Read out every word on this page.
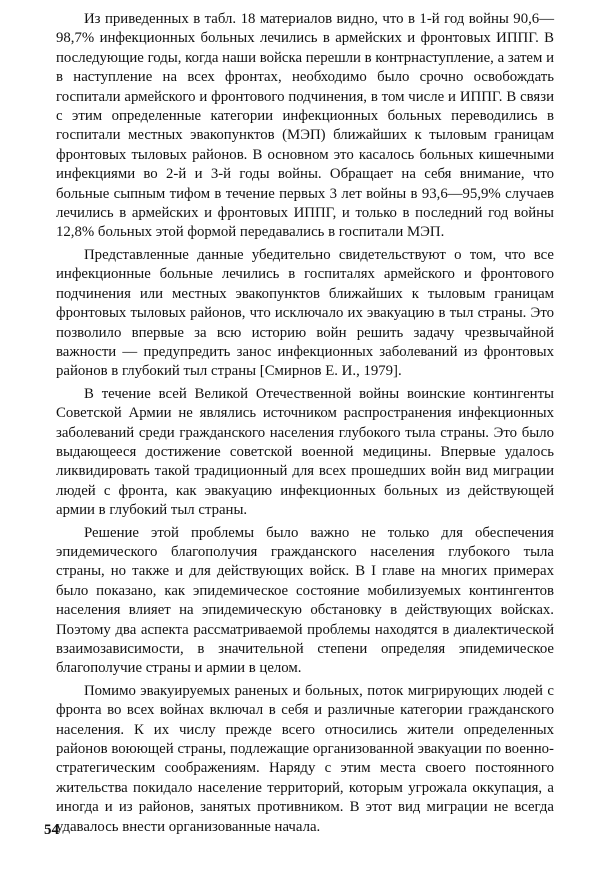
Из приведенных в табл. 18 материалов видно, что в 1-й год войны 90,6—98,7% инфекционных больных лечились в армейских и фронтовых ИППГ. В последующие годы, когда наши войска перешли в контрнаступление, а затем и в наступление на всех фронтах, необходимо было срочно освобождать госпитали армейского и фронтового подчинения, в том числе и ИППГ. В связи с этим определенные категории инфекционных больных переводились в госпитали местных эвакопунктов (МЭП) ближайших к тыловым границам фронтовых тыловых районов. В основном это касалось больных кишечными инфекциями во 2-й и 3-й годы войны. Обращает на себя внимание, что больные сыпным тифом в течение первых 3 лет войны в 93,6—95,9% случаев лечились в армейских и фронтовых ИППГ, и только в последний год войны 12,8% больных этой формой передавались в госпитали МЭП.

Представленные данные убедительно свидетельствуют о том, что все инфекционные больные лечились в госпиталях армейского и фронтового подчинения или местных эвакопунктов ближайших к тыловым границам фронтовых тыловых районов, что исключало их эвакуацию в тыл страны. Это позволило впервые за всю историю войн решить задачу чрезвычайной важности — предупредить занос инфекционных заболеваний из фронтовых районов в глубокий тыл страны [Смирнов Е. И., 1979].

В течение всей Великой Отечественной войны воинские контингенты Советской Армии не являлись источником распространения инфекционных заболеваний среди гражданского населения глубокого тыла страны. Это было выдающееся достижение советской военной медицины. Впервые удалось ликвидировать такой традиционный для всех прошедших войн вид миграции людей с фронта, как эвакуацию инфекционных больных из действующей армии в глубокий тыл страны.

Решение этой проблемы было важно не только для обеспечения эпидемического благополучия гражданского населения глубокого тыла страны, но также и для действующих войск. В I главе на многих примерах было показано, как эпидемическое состояние мобилизуемых контингентов населения влияет на эпидемическую обстановку в действующих войсках. Поэтому два аспекта рассматриваемой проблемы находятся в диалектической взаимозависимости, в значительной степени определяя эпидемическое благополучие страны и армии в целом.

Помимо эвакуируемых раненых и больных, поток мигрирующих людей с фронта во всех войнах включал в себя и различные категории гражданского населения. К их числу прежде всего относились жители определенных районов воюющей страны, подлежащие организованной эвакуации по военно-стратегическим соображениям. Наряду с этим места своего постоянного жительства покидало население территорий, которым угрожала оккупация, а иногда и из районов, занятых противником. В этот вид миграции не всегда удавалось внести организованные начала.

54
